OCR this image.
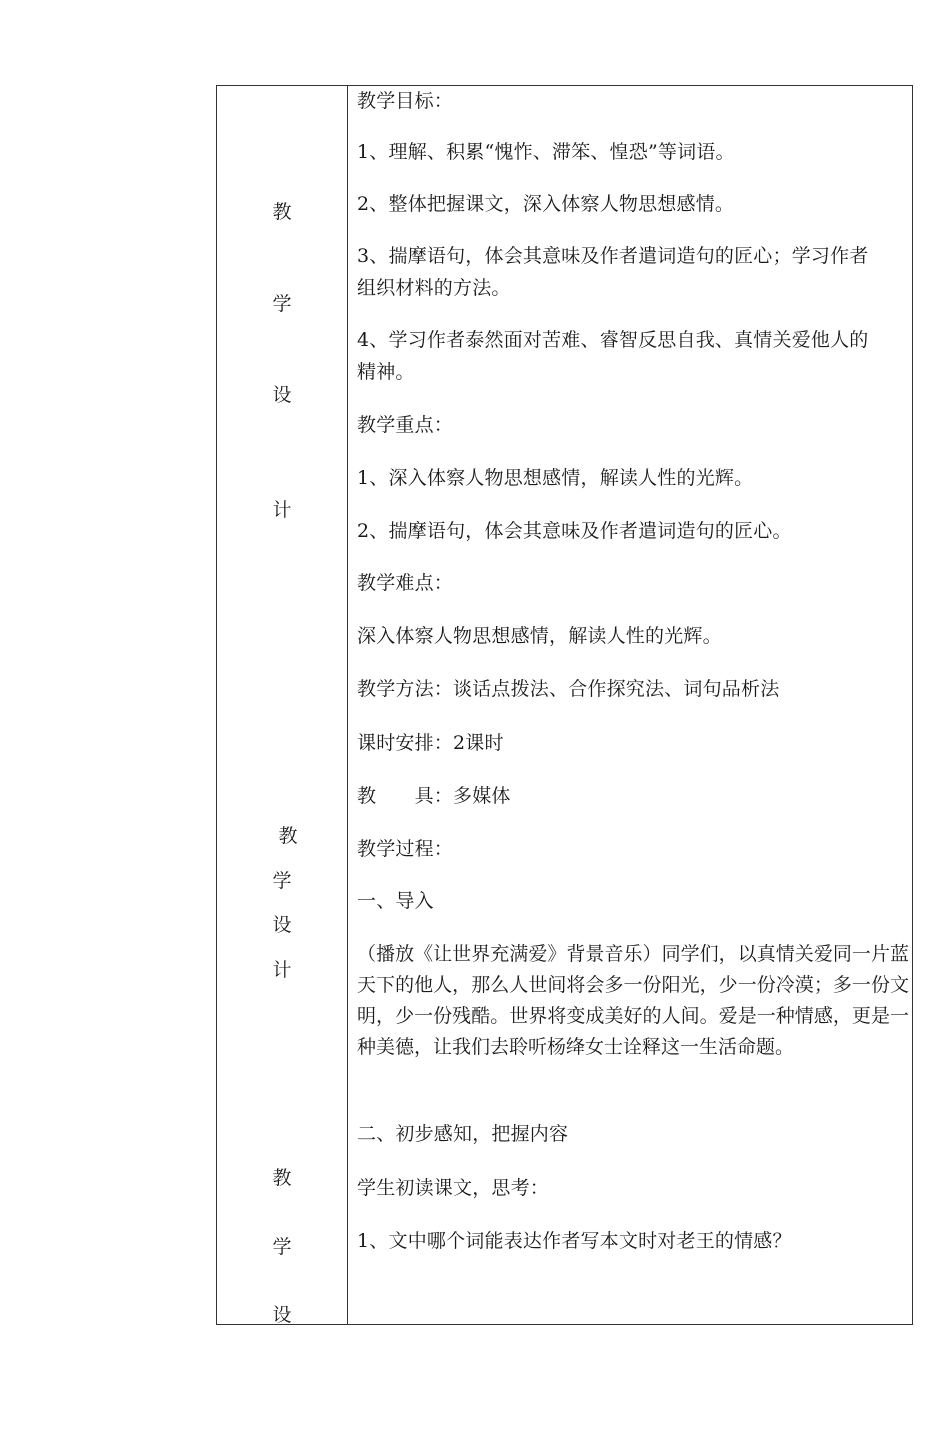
教
学
设
计
教
学
设
计
教
学
设
教学目标：
1、理解、积累“愧怍、滞笨、惶恐”等词语。
2、整体把握课文，深入体察人物思想感情。
3、揣摩语句，体会其意味及作者遣词造句的匠心；学习作者
组织材料的方法。
4、学习作者泰然面对苦难、睿智反思自我、真情关爱他人的
精神。
教学重点：
1、深入体察人物思想感情，解读人性的光辉。
2、揣摩语句，体会其意味及作者遣词造句的匠心。
教学难点：
深入体察人物思想感情，解读人性的光辉。
教学方法：谈话点拨法、合作探究法、词句品析法
课时安排：2课时
教　　具：多媒体
教学过程：
一、导入
（播放《让世界充满爱》背景音乐）同学们，以真情关爱同一片蓝天下的他人，那么人世间将会多一份阳光，少一份冷漠；多一份文明，少一份残酷。世界将变成美好的人间。爱是一种情感，更是一种美德，让我们去聆听杨绛女士诠释这一生活命题。
二、初步感知，把握内容
学生初读课文，思考：
1、文中哪个词能表达作者写本文时对老王的情感？
